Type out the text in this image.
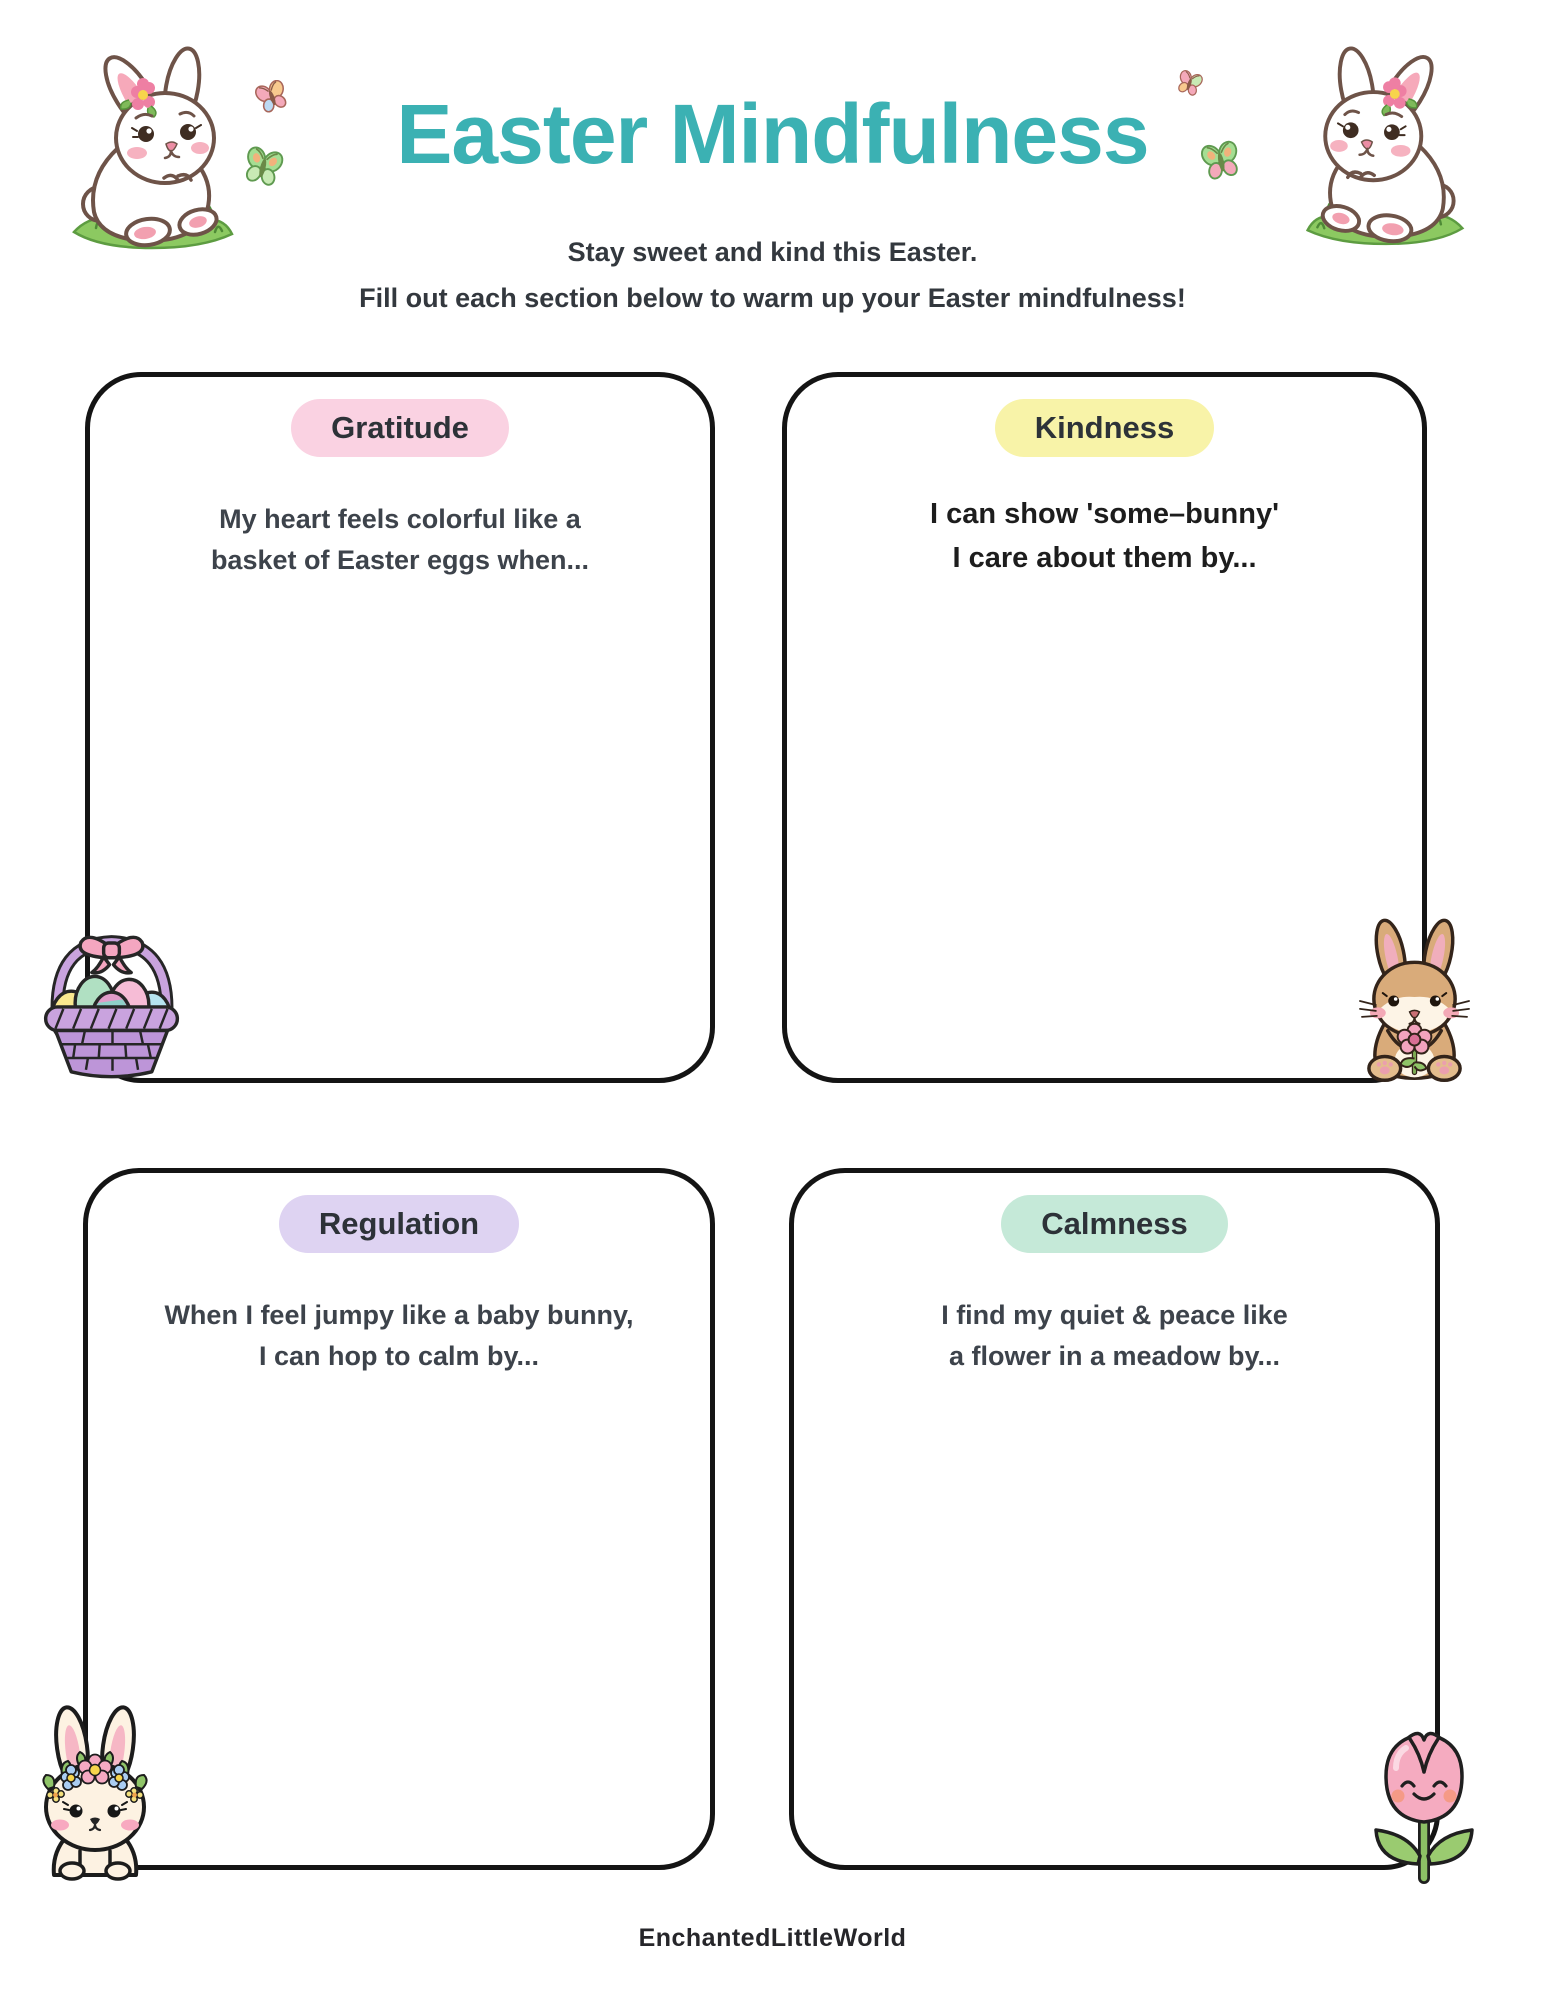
Easter Mindfulness
Stay sweet and kind this Easter.
Fill out each section below to warm up your Easter mindfulness!
Gratitude
My heart feels colorful like a
basket of Easter eggs when...
Kindness
I can show 'some–bunny'
I care about them by...
Regulation
When I feel jumpy like a baby bunny,
I can hop to calm by...
Calmness
I find my quiet & peace like
a flower in a meadow by...
EnchantedLittleWorld
